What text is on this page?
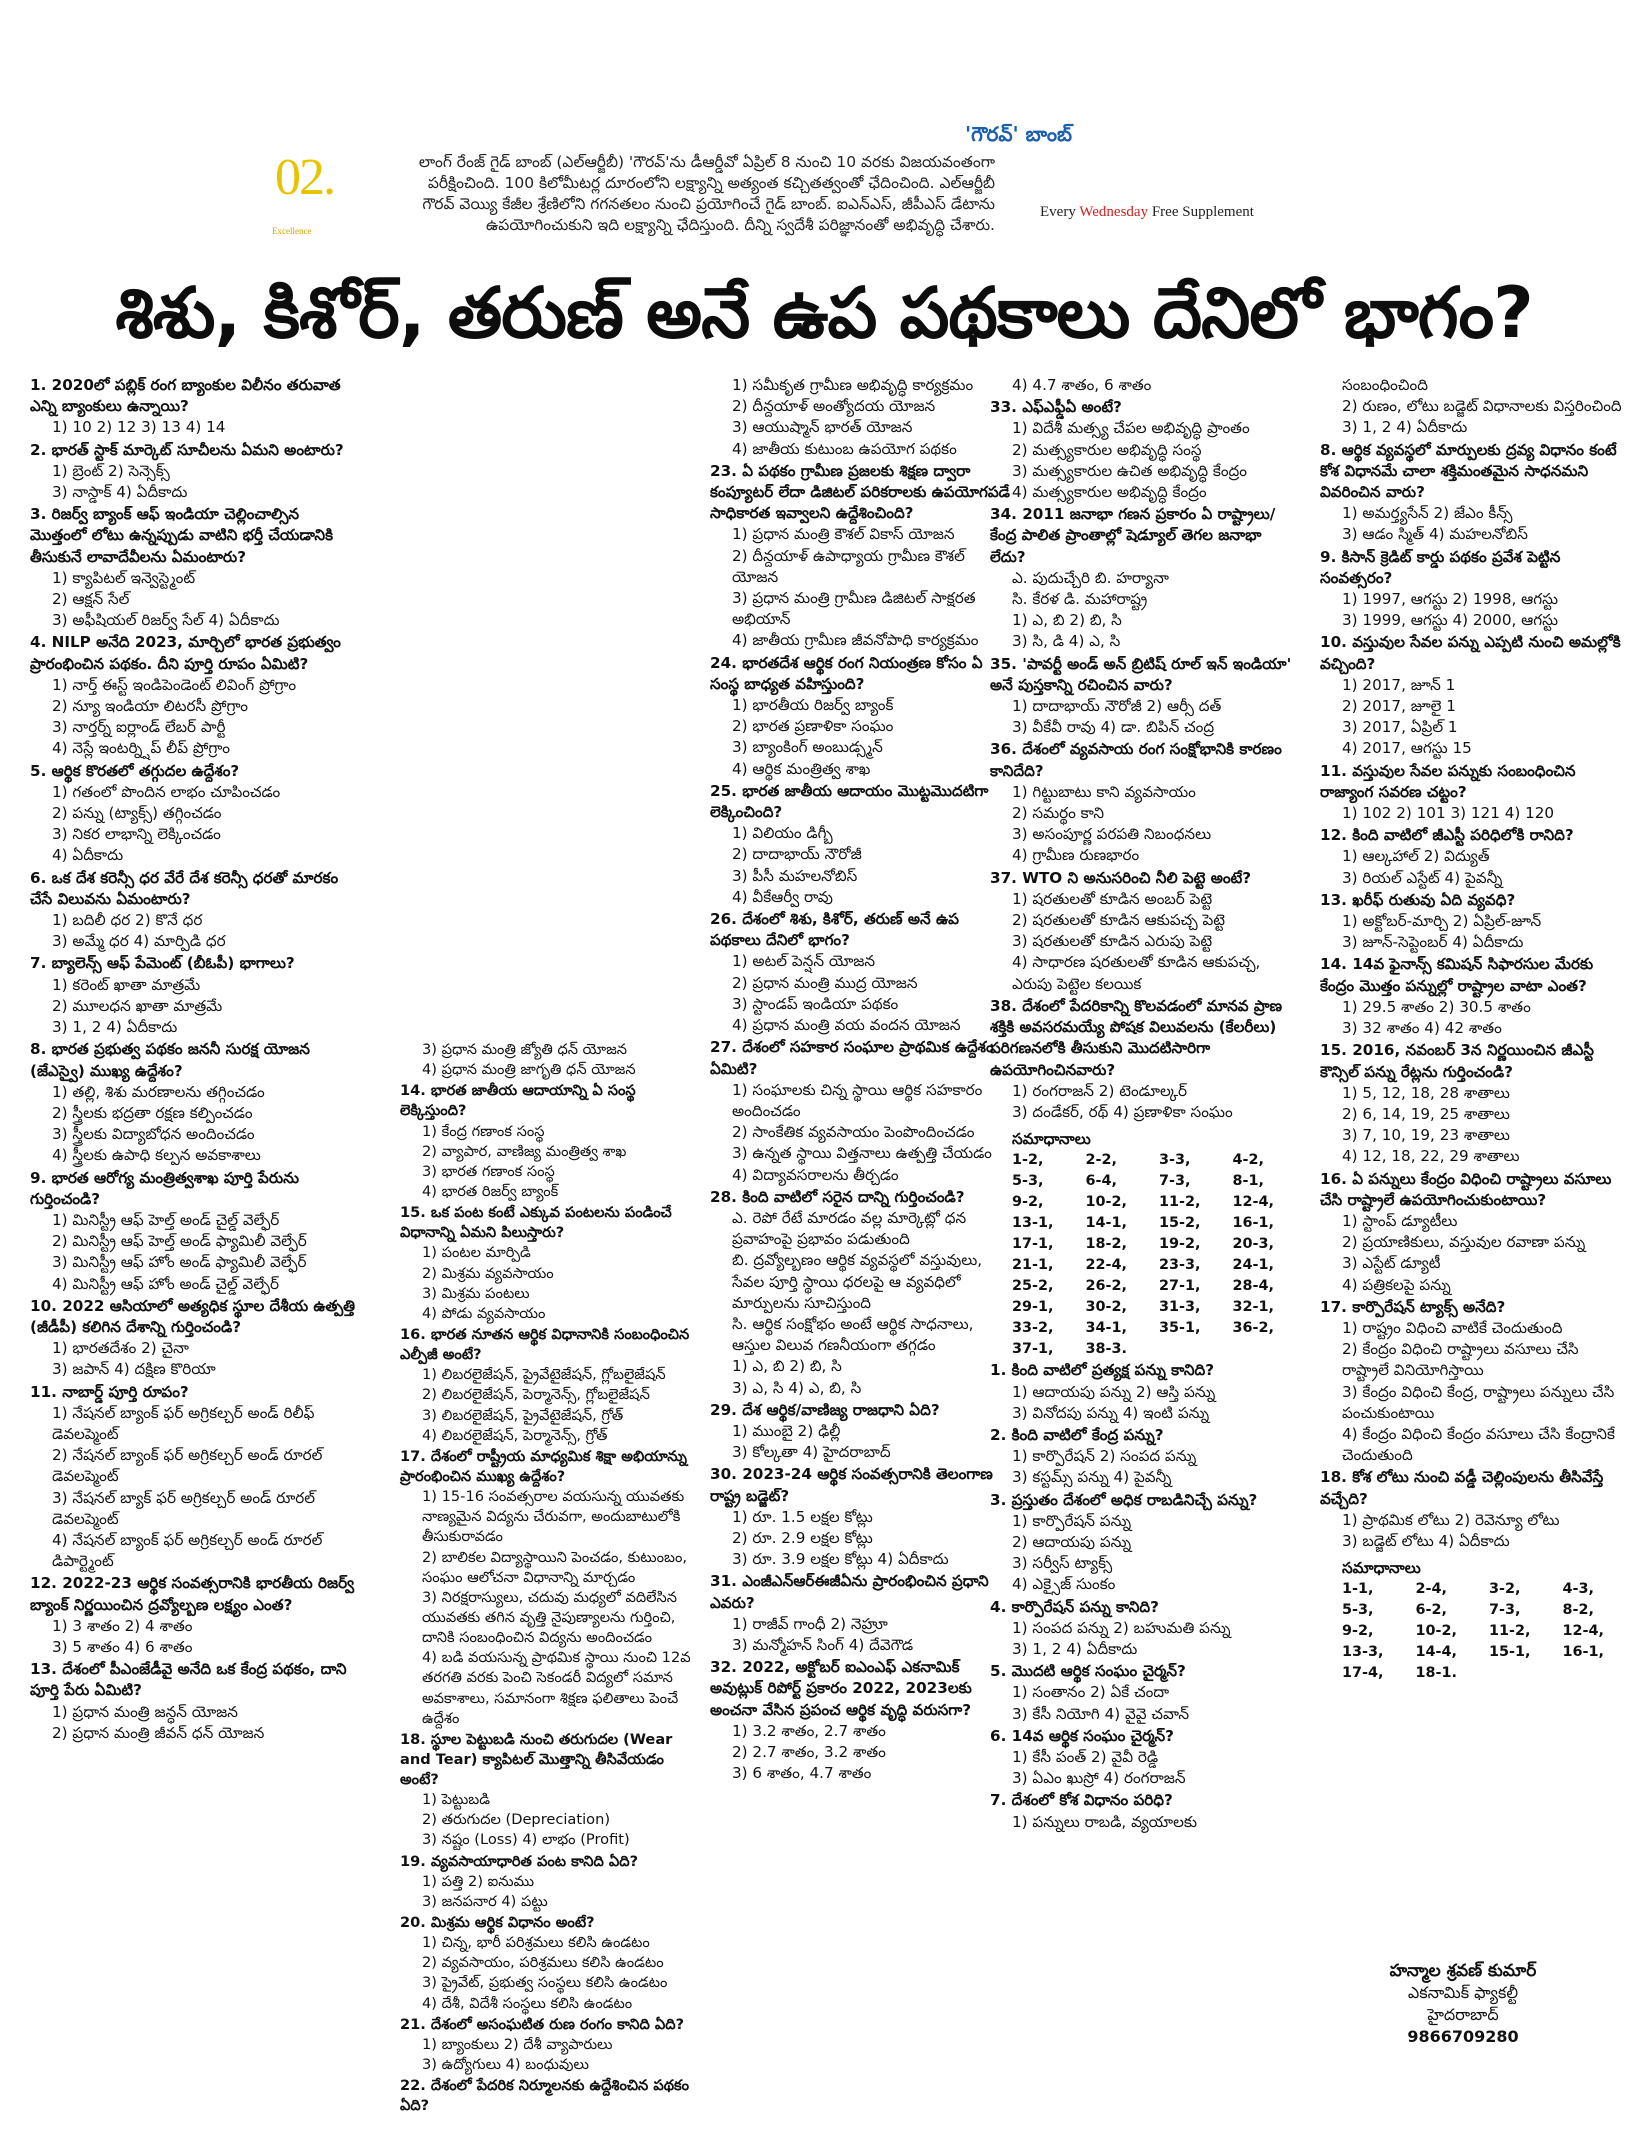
02.
Excellence
'గౌరవ్' బాంబ్
లాంగ్ రేంజ్ గైడ్ బాంబ్ (ఎల్ఆర్జీబీ) 'గౌరవ్'ను డీఆర్డీవో ఏప్రిల్ 8 నుంచి 10 వరకు విజయవంతంగా పరీక్షించింది. 100 కిలోమీటర్ల దూరంలోని లక్ష్యాన్ని అత్యంత కచ్చితత్వంతో ఛేదించింది. ఎల్ఆర్జీబీ గౌరవ్ వెయ్యి కేజీల శ్రేణిలోని గగనతలం నుంచి ప్రయోగించే గైడ్ బాంబ్. ఐఎన్ఎస్, జీపీఎస్ డేటాను ఉపయోగించుకుని ఇది లక్ష్యాన్ని ఛేదిస్తుంది. దీన్ని స్వదేశీ పరిజ్ఞానంతో అభివృద్ధి చేశారు.
Every Wednesday Free Supplement
శిశు, కిశోర్, తరుణ్ అనే ఉప పథకాలు దేనిలో భాగం?
1. 2020లో పబ్లిక్ రంగ బ్యాంకుల విలీనం తరువాత ఎన్ని బ్యాంకులు ఉన్నాయి?
1) 10 2) 12 3) 13 4) 14
2. భారత్ స్టాక్ మార్కెట్ సూచీలను ఏమని అంటారు?
1) బ్రెంట్ 2) సెన్సెక్స్
3) నాస్డాక్ 4) ఏదీకాదు
3. రిజర్వ్ బ్యాంక్ ఆఫ్ ఇండియా చెల్లించాల్సిన మొత్తంలో లోటు ఉన్నప్పుడు వాటిని భర్తీ చేయడానికి తీసుకునే లావాదేవీలను ఏమంటారు?
1) క్యాపిటల్ ఇన్వెస్ట్మెంట్
2) ఆక్షన్ సేల్
3) అఫీషియల్ రిజర్వ్ సేల్ 4) ఏదీకాదు
4. NILP అనేది 2023, మార్చిలో భారత ప్రభుత్వం ప్రారంభించిన పథకం. దీని పూర్తి రూపం ఏమిటి?
1) నార్త్ ఈస్ట్ ఇండిపెండెంట్ లివింగ్ ప్రోగ్రాం
2) న్యూ ఇండియా లిటరసీ ప్రోగ్రాం
3) నార్తర్న్ ఐర్లాండ్ లేబర్ పార్టీ
4) నెస్లే ఇంటర్న్షిప్ లీప్ ప్రోగ్రాం
5. ఆర్థిక కొరతలో తగ్గుదల ఉద్దేశం?
1) గతంలో పొందిన లాభం చూపించడం
2) పన్ను (ట్యాక్స్) తగ్గించడం
3) నికర లాభాన్ని లెక్కించడం
4) ఏదీకాదు
6. ఒక దేశ కరెన్సీ ధర వేరే దేశ కరెన్సీ ధరతో మారకం చేసే విలువను ఏమంటారు?
1) బదిలీ ధర 2) కొనే ధర
3) అమ్మే ధర 4) మార్పిడి ధర
7. బ్యాలెన్స్ ఆఫ్ పేమెంట్ (బీఓపీ) భాగాలు?
1) కరెంట్ ఖాతా మాత్రమే
2) మూలధన ఖాతా మాత్రమే
3) 1, 2 4) ఏదీకాదు
8. భారత ప్రభుత్వ పథకం జననీ సురక్ష యోజన (జేఎస్వై) ముఖ్య ఉద్దేశం?
1) తల్లి, శిశు మరణాలను తగ్గించడం
2) స్త్రీలకు భద్రతా రక్షణ కల్పించడం
3) స్త్రీలకు విద్యాబోధన అందించడం
4) స్త్రీలకు ఉపాధి కల్పన అవకాశాలు
9. భారత ఆరోగ్య మంత్రిత్వశాఖ పూర్తి పేరును గుర్తించండి?
1) మినిస్ట్రీ ఆఫ్ హెల్త్ అండ్ చైల్డ్ వెల్ఫేర్
2) మినిస్ట్రీ ఆఫ్ హెల్త్ అండ్ ఫ్యామిలీ వెల్ఫేర్
3) మినిస్ట్రీ ఆఫ్ హోం అండ్ ఫ్యామిలీ వెల్ఫేర్
4) మినిస్ట్రీ ఆఫ్ హోం అండ్ చైల్డ్ వెల్ఫేర్
10. 2022 ఆసియాలో అత్యధిక స్థూల దేశీయ ఉత్పత్తి (జీడీపీ) కలిగిన దేశాన్ని గుర్తించండి?
1) భారతదేశం 2) చైనా
3) జపాన్ 4) దక్షిణ కొరియా
11. నాబార్డ్ పూర్తి రూపం?
1) నేషనల్ బ్యాంక్ ఫర్ అగ్రికల్చర్ అండ్ రిలీఫ్ డెవలప్మెంట్
2) నేషనల్ బ్యాంక్ ఫర్ అగ్రికల్చర్ అండ్ రూరల్ డెవలప్మెంట్
3) నేషనల్ బ్యాక్ ఫర్ అగ్రికల్చర్ అండ్ రూరల్ డెవలప్మెంట్
4) నేషనల్ బ్యాంక్ ఫర్ అగ్రికల్చర్ అండ్ రూరల్ డిపార్ట్మెంట్
12. 2022-23 ఆర్థిక సంవత్సరానికి భారతీయ రిజర్వ్ బ్యాంక్ నిర్ణయించిన ద్రవ్యోల్బణ లక్ష్యం ఎంత?
1) 3 శాతం 2) 4 శాతం
3) 5 శాతం 4) 6 శాతం
13. దేశంలో పీఎంజేడీవై అనేది ఒక కేంద్ర పథకం, దాని పూర్తి పేరు ఏమిటి?
1) ప్రధాన మంత్రి జన్ధన్ యోజన
2) ప్రధాన మంత్రి జీవన్ ధన్ యోజన
3) ప్రధాన మంత్రి జ్యోతి ధన్ యోజన
4) ప్రధాన మంత్రి జాగృతి ధన్ యోజన
14. భారత జాతీయ ఆదాయాన్ని ఏ సంస్థ లెక్కిస్తుంది?
1) కేంద్ర గణాంక సంస్థ
2) వ్యాపార, వాణిజ్య మంత్రిత్వ శాఖ
3) భారత గణాంక సంస్థ
4) భారత రిజర్వ్ బ్యాంక్
15. ఒక పంట కంటే ఎక్కువ పంటలను పండించే విధానాన్ని ఏమని పిలుస్తారు?
1) పంటల మార్పిడి
2) మిశ్రమ వ్యవసాయం
3) మిశ్రమ పంటలు
4) పోడు వ్యవసాయం
16. భారత నూతన ఆర్థిక విధానానికి సంబంధించిన ఎల్పీజీ అంటే?
1) లిబరలైజేషన్, ప్రైవేటైజేషన్, గ్లోబలైజేషన్
2) లిబరలైజేషన్, పెర్మానెన్స్, గ్లోబలైజేషన్
3) లిబరలైజేషన్, ప్రైవేటైజేషన్, గ్రోత్
4) లిబరలైజేషన్, పెర్మానెన్స్, గ్రోత్
17. దేశంలో రాష్ట్రీయ మాధ్యమిక శిక్షా అభియాన్ను ప్రారంభించిన ముఖ్య ఉద్దేశం?
1) 15-16 సంవత్సరాల వయసున్న యువతకు నాణ్యమైన విద్యను చేరువగా, అందుబాటులోకి తీసుకురావడం
2) బాలికల విద్యాస్థాయిని పెంచడం, కుటుంబం, సంఘం ఆలోచనా విధానాన్ని మార్చడం
3) నిరక్షరాస్యులు, చదువు మధ్యలో వదిలేసిన యువతకు తగిన వృత్తి నైపుణ్యాలను గుర్తించి, దానికి సంబంధించిన విద్యను అందించడం
4) బడి వయసున్న ప్రాథమిక స్థాయి నుంచి 12వ తరగతి వరకు పెంచి సెకండరీ విద్యలో సమాన అవకాశాలు, సమానంగా శిక్షణ ఫలితాలు పెంచే ఉద్దేశం
18. స్థూల పెట్టుబడి నుంచి తరుగుదల (Wear and Tear) క్యాపిటల్ మొత్తాన్ని తీసివేయడం అంటే?
1) పెట్టుబడి
2) తరుగుదల (Depreciation)
3) నష్టం (Loss) 4) లాభం (Profit)
19. వ్యవసాయాధారిత పంట కానిది ఏది?
1) పత్తి 2) ఐనుము
3) జనపనార 4) పట్టు
20. మిశ్రమ ఆర్థిక విధానం అంటే?
1) చిన్న, భారీ పరిశ్రమలు కలిసి ఉండటం
2) వ్యవసాయం, పరిశ్రమలు కలిసి ఉండటం
3) ప్రైవేట్, ప్రభుత్వ సంస్థలు కలిసి ఉండటం
4) దేశీ, విదేశీ సంస్థలు కలిసి ఉండటం
21. దేశంలో అసంఘటిత రుణ రంగం కానిది ఏది?
1) బ్యాంకులు 2) దేశీ వ్యాపారులు
3) ఉద్యోగులు 4) బంధువులు
22. దేశంలో పేదరిక నిర్మూలనకు ఉద్దేశించిన పథకం ఏది?
1) సమీకృత గ్రామీణ అభివృద్ధి కార్యక్రమం
2) దీన్దయాళ్ అంత్యోదయ యోజన
3) ఆయుష్మాన్ భారత్ యోజన
4) జాతీయ కుటుంబ ఉపయోగ పథకం
23. ఏ పథకం గ్రామీణ ప్రజలకు శిక్షణ ద్వారా కంప్యూటర్ లేదా డిజిటల్ పరికరాలకు ఉపయోగపడే సాధికారత ఇవ్వాలని ఉద్దేశించింది?
1) ప్రధాన మంత్రి కౌశల్ వికాస్ యోజన
2) దీన్దయాళ్ ఉపాధ్యాయ గ్రామీణ కౌశల్ యోజన
3) ప్రధాన మంత్రి గ్రామీణ డిజిటల్ సాక్షరత అభియాన్
4) జాతీయ గ్రామీణ జీవనోపాధి కార్యక్రమం
24. భారతదేశ ఆర్థిక రంగ నియంత్రణ కోసం ఏ సంస్థ బాధ్యత వహిస్తుంది?
1) భారతీయ రిజర్వ్ బ్యాంక్
2) భారత ప్రణాళికా సంఘం
3) బ్యాంకింగ్ అంబుడ్స్మన్
4) ఆర్థిక మంత్రిత్వ శాఖ
25. భారత జాతీయ ఆదాయం మొట్టమొదటిగా లెక్కించింది?
1) విలియం డిగ్బీ
2) దాదాభాయ్ నౌరోజీ
3) పీసీ మహలనోబిస్
4) వీకేఆర్వీ రావు
26. దేశంలో శిశు, కిశోర్, తరుణ్ అనే ఉప పథకాలు దేనిలో భాగం?
1) అటల్ పెన్షన్ యోజన
2) ప్రధాన మంత్రి ముద్ర యోజన
3) స్టాండప్ ఇండియా పథకం
4) ప్రధాన మంత్రి వయ వందన యోజన
27. దేశంలో సహకార సంఘాల ప్రాథమిక ఉద్దేశం ఏమిటి?
1) సంఘాలకు చిన్న స్థాయి ఆర్థిక సహకారం అందించడం
2) సాంకేతిక వ్యవసాయం పెంపొందించడం
3) ఉన్నత స్థాయి విత్తనాలు ఉత్పత్తి చేయడం
4) విద్యావసరాలను తీర్చడం
28. కింది వాటిలో సరైన దాన్ని గుర్తించండి?
ఎ. రెపో రేటే మారడం వల్ల మార్కెట్లో ధన ప్రవాహంపై ప్రభావం పడుతుంది
బి. ద్రవ్యోల్బణం ఆర్థిక వ్యవస్థలో వస్తువులు, సేవల పూర్తి స్థాయి ధరలపై ఆ వ్యవధిలో మార్పులను సూచిస్తుంది
సి. ఆర్థిక సంక్షోభం అంటే ఆర్థిక సాధనాలు, ఆస్తుల విలువ గణనీయంగా తగ్గడం
1) ఎ, బి 2) బి, సి
3) ఎ, సి 4) ఎ, బి, సి
29. దేశ ఆర్థిక/వాణిజ్య రాజధాని ఏది?
1) ముంబై 2) ఢిల్లీ
3) కోల్కతా 4) హైదరాబాద్
30. 2023-24 ఆర్థిక సంవత్సరానికి తెలంగాణ రాష్ట్ర బడ్జెట్?
1) రూ. 1.5 లక్షల కోట్లు
2) రూ. 2.9 లక్షల కోట్లు
3) రూ. 3.9 లక్షల కోట్లు 4) ఏదీకాదు
31. ఎంజీఎన్ఆర్ఈజీఏను ప్రారంభించిన ప్రధాని ఎవరు?
1) రాజీవ్ గాంధీ 2) నెహ్రూ
3) మన్మోహన్ సింగ్ 4) దేవెగౌడ
32. 2022, అక్టోబర్ ఐఎంఎఫ్ ఎకనామిక్ అవుట్లుక్ రిపోర్ట్ ప్రకారం 2022, 2023లకు అంచనా వేసిన ప్రపంచ ఆర్థిక వృద్ధి వరుసగా?
1) 3.2 శాతం, 2.7 శాతం
2) 2.7 శాతం, 3.2 శాతం
3) 6 శాతం, 4.7 శాతం
4) 4.7 శాతం, 6 శాతం
33. ఎఫ్ఎఫ్డీఏ అంటే?
1) విదేశీ మత్స్య చేపల అభివృద్ధి ప్రాంతం
2) మత్స్యకారుల అభివృద్ధి సంస్థ
3) మత్స్యకారుల ఉచిత అభివృద్ధి కేంద్రం
4) మత్స్యకారుల అభివృద్ధి కేంద్రం
34. 2011 జనాభా గణన ప్రకారం ఏ రాష్ట్రాలు/కేంద్ర పాలిత ప్రాంతాల్లో షెడ్యూల్ తెగల జనాభా లేదు?
ఎ. పుదుచ్చేరి బి. హర్యానా
సి. కేరళ డి. మహారాష్ట్ర
1) ఎ, బి 2) బి, సి
3) సి, డి 4) ఎ, సి
35. 'పావర్టీ అండ్ అన్ బ్రిటిష్ రూల్ ఇన్ ఇండియా' అనే పుస్తకాన్ని రచించిన వారు?
1) దాదాభాయ్ నౌరోజీ 2) ఆర్సీ దత్
3) వీకేవీ రావు 4) డా. బిపిన్ చంద్ర
36. దేశంలో వ్యవసాయ రంగ సంక్షోభానికి కారణం కానిదేది?
1) గిట్టుబాటు కాని వ్యవసాయం
2) సమర్థం కాని
3) అసంపూర్ణ పరపతి నిబంధనలు
4) గ్రామీణ రుణభారం
37. WTO ని అనుసరించి నీలి పెట్టె అంటే?
1) షరతులతో కూడిన అంబర్ పెట్టె
2) షరతులతో కూడిన ఆకుపచ్చ పెట్టె
3) షరతులతో కూడిన ఎరుపు పెట్టె
4) సాధారణ షరతులతో కూడిన ఆకుపచ్చ, ఎరుపు పెట్టెల కలయిక
38. దేశంలో పేదరికాన్ని కొలవడంలో మానవ ప్రాణ శక్తికి అవసరమయ్యే పోషక విలువలను (కేలరీలు) పరిగణనలోకి తీసుకుని మొదటిసారిగా ఉపయోగించినవారు?
1) రంగరాజన్ 2) టెండూల్కర్
3) దండేకర్, రథ్ 4) ప్రణాళికా సంఘం
సమాధానాలు
1-2,	2-2,	3-3,	4-2,
5-3,	6-4,	7-3,	8-1,
9-2,	10-2,	11-2,	12-4,
13-1,	14-1,	15-2,	16-1,
17-1,	18-2,	19-2,	20-3,
21-1,	22-4,	23-3,	24-1,
25-2,	26-2,	27-1,	28-4,
29-1,	30-2,	31-3,	32-1,
33-2,	34-1,	35-1,	36-2,
37-1,	38-3.
1. కింది వాటిలో ప్రత్యక్ష పన్ను కానిది?
1) ఆదాయపు పన్ను 2) ఆస్తి పన్ను
3) వినోదపు పన్ను 4) ఇంటి పన్ను
2. కింది వాటిలో కేంద్ర పన్ను?
1) కార్పొరేషన్ 2) సంపద పన్ను
3) కస్టమ్స్ పన్ను 4) పైవన్నీ
3. ప్రస్తుతం దేశంలో అధిక రాబడినిచ్చే పన్ను?
1) కార్పొరేషన్ పన్ను
2) ఆదాయపు పన్ను
3) సర్వీస్ ట్యాక్స్
4) ఎక్సైజ్ సుంకం
4. కార్పొరేషన్ పన్ను కానిది?
1) సంపద పన్ను 2) బహుమతి పన్ను
3) 1, 2 4) ఏదీకాదు
5. మొదటి ఆర్థిక సంఘం చైర్మన్?
1) సంతానం 2) ఏకే చందా
3) కేసీ నియోగి 4) వైవై చవాన్
6. 14వ ఆర్థిక సంఘం చైర్మన్?
1) కేసీ పంత్ 2) వైవీ రెడ్డి
3) ఏఎం ఖుస్రో 4) రంగరాజన్
7. దేశంలో కోశ విధానం పరిధి?
1) పన్నులు రాబడి, వ్యయాలకు
సంబంధించింది
2) రుణం, లోటు బడ్జెట్ విధానాలకు విస్తరించింది
3) 1, 2 4) ఏదీకాదు
8. ఆర్థిక వ్యవస్థలో మార్పులకు ద్రవ్య విధానం కంటే కోశ విధానమే చాలా శక్తిమంతమైన సాధనమని వివరించిన వారు?
1) అమర్త్యసేన్ 2) జేఎం కీన్స్
3) ఆడం స్మిత్ 4) మహలనోబిస్
9. కిసాన్ క్రెడిట్ కార్డు పథకం ప్రవేశ పెట్టిన సంవత్సరం?
1) 1997, ఆగస్టు 2) 1998, ఆగస్టు
3) 1999, ఆగస్టు 4) 2000, ఆగస్టు
10. వస్తువుల సేవల పన్ను ఎప్పటి నుంచి అమల్లోకి వచ్చింది?
1) 2017, జూన్ 1
2) 2017, జూలై 1
3) 2017, ఏప్రిల్ 1
4) 2017, ఆగస్టు 15
11. వస్తువుల సేవల పన్నుకు సంబంధించిన రాజ్యాంగ సవరణ చట్టం?
1) 102 2) 101 3) 121 4) 120
12. కింది వాటిలో జీఎస్టీ పరిధిలోకి రానిది?
1) ఆల్కహాల్ 2) విద్యుత్
3) రియల్ ఎస్టేట్ 4) పైవన్నీ
13. ఖరీఫ్ రుతువు ఏది వ్యవధి?
1) అక్టోబర్-మార్చి 2) ఏప్రిల్-జూన్
3) జూన్-సెప్టెంబర్ 4) ఏదీకాదు
14. 14వ ఫైనాన్స్ కమిషన్ సిఫారసుల మేరకు కేంద్రం మొత్తం పన్నుల్లో రాష్ట్రాల వాటా ఎంత?
1) 29.5 శాతం 2) 30.5 శాతం
3) 32 శాతం 4) 42 శాతం
15. 2016, నవంబర్ 3న నిర్ణయించిన జీఎస్టీ కౌన్సిల్ పన్ను రేట్లను గుర్తించండి?
1) 5, 12, 18, 28 శాతాలు
2) 6, 14, 19, 25 శాతాలు
3) 7, 10, 19, 23 శాతాలు
4) 12, 18, 22, 29 శాతాలు
16. ఏ పన్నులు కేంద్రం విధించి రాష్ట్రాలు వసూలు చేసి రాష్ట్రాలే ఉపయోగించుకుంటాయి?
1) స్టాంప్ డ్యూటీలు
2) ప్రయాణికులు, వస్తువుల రవాణా పన్ను
3) ఎస్టేట్ డ్యూటీ
4) పత్రికలపై పన్ను
17. కార్పొరేషన్ ట్యాక్స్ అనేది?
1) రాష్ట్రం విధించి వాటికే చెందుతుంది
2) కేంద్రం విధించి రాష్ట్రాలు వసూలు చేసి రాష్ట్రాలే వినియోగిస్తాయి
3) కేంద్రం విధించి కేంద్ర, రాష్ట్రాలు పన్నులు చేసి పంచుకుంటాయి
4) కేంద్రం విధించి కేంద్రం వసూలు చేసి కేంద్రానికే చెందుతుంది
18. కోశ లోటు నుంచి వడ్డీ చెల్లింపులను తీసివేస్తే వచ్చేది?
1) ప్రాథమిక లోటు 2) రెవెన్యూ లోటు
3) బడ్జెట్ లోటు 4) ఏదీకాదు
సమాధానాలు
1-1,	2-4,	3-2,	4-3,
5-3,	6-2,	7-3,	8-2,
9-2,	10-2,	11-2,	12-4,
13-3,	14-4,	15-1,	16-1,
17-4,	18-1.
హన్మాల శ్రవణ్ కుమార్
ఎకనామిక్ ఫ్యాకల్టీ
హైదరాబాద్
9866709280
